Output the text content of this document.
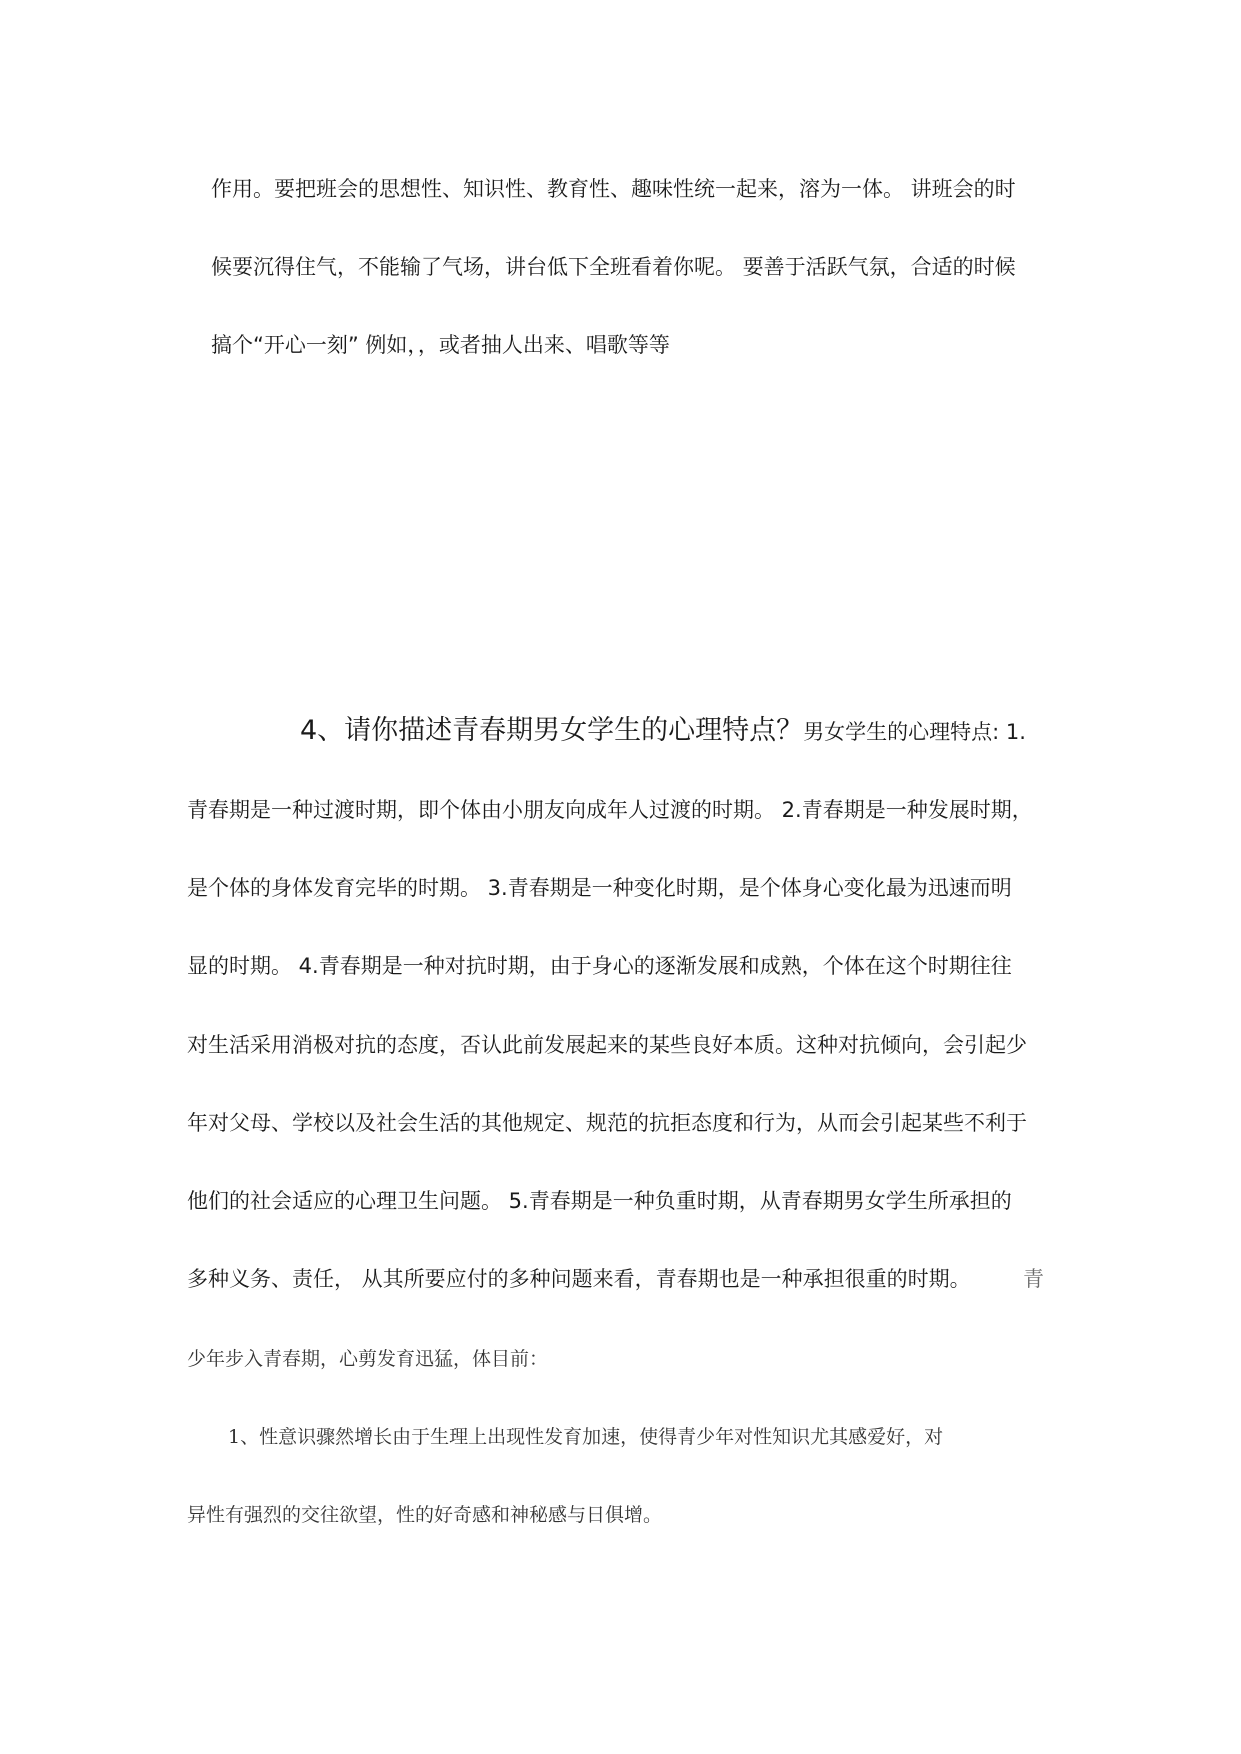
作用。要把班会的思想性、知识性、教育性、趣味性统一起来，溶为一体。 讲班会的时
候要沉得住气，不能输了气场，讲台低下全班看着你呢。 要善于活跃气氛，合适的时候
搞个“开心一刻” 例如，，或者抽人出来、唱歌等等
4、请你描述青春期男女学生的心理特点？男女学生的心理特点: 1.
青春期是一种过渡时期，即个体由小朋友向成年人过渡的时期。 2.青春期是一种发展时期，
是个体的身体发育完毕的时期。 3.青春期是一种变化时期，是个体身心变化最为迅速而明
显的时期。 4.青春期是一种对抗时期，由于身心的逐渐发展和成熟，个体在这个时期往往
对生活采用消极对抗的态度，否认此前发展起来的某些良好本质。这种对抗倾向，会引起少
年对父母、学校以及社会生活的其他规定、规范的抗拒态度和行为，从而会引起某些不利于
他们的社会适应的心理卫生问题。 5.青春期是一种负重时期，从青春期男女学生所承担的
多种义务、责任， 从其所要应付的多种问题来看，青春期也是一种承担很重的时期。 青
少年步入青春期，心剪发育迅猛，体目前：
1、性意识骤然增长由于生理上出现性发育加速，使得青少年对性知识尤其感爱好，对
异性有强烈的交往欲望，性的好奇感和神秘感与日俱增。
